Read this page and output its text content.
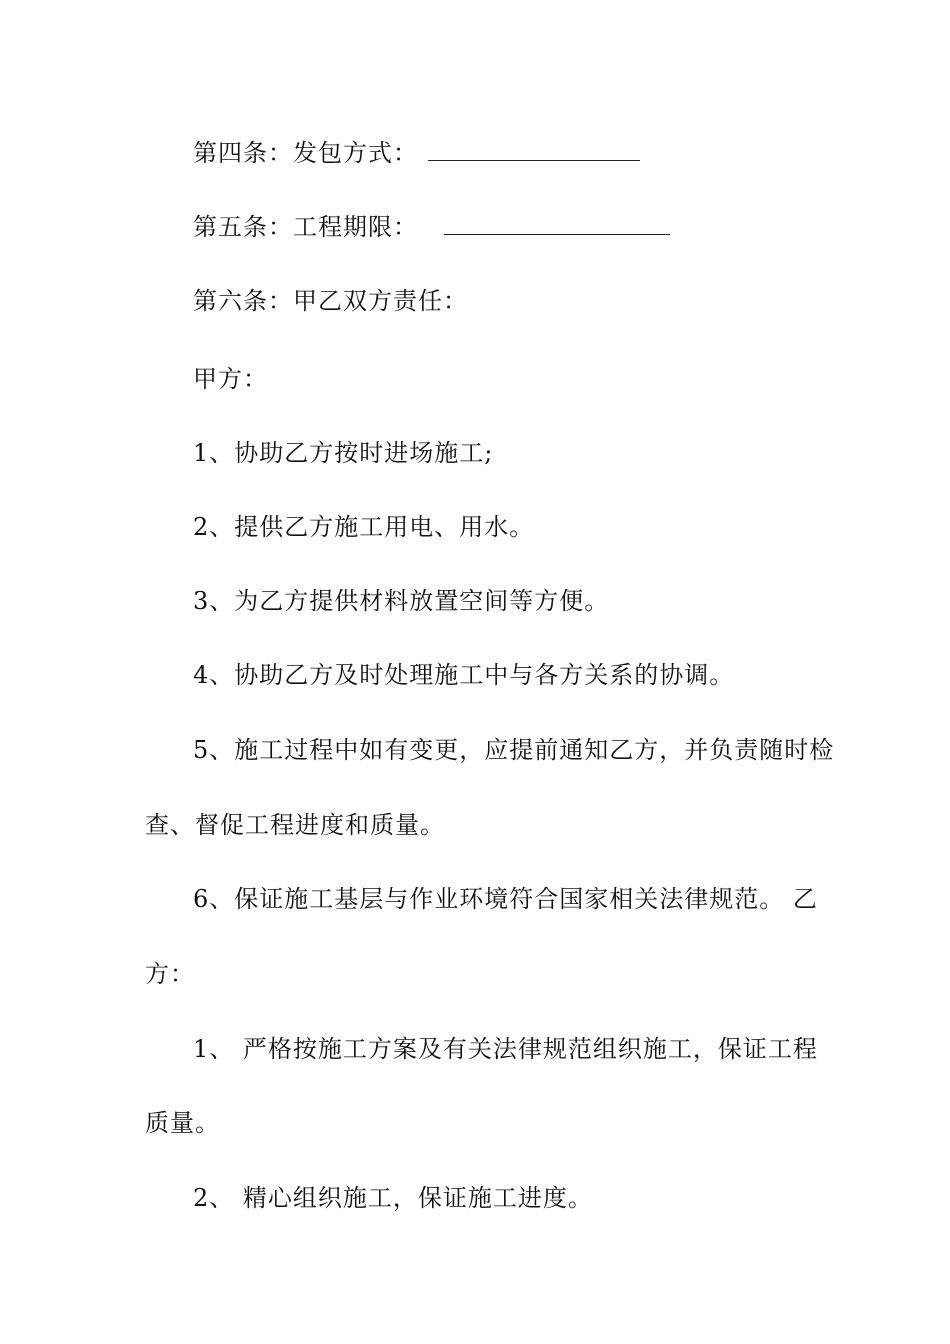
第四条：发包方式：
第五条：工程期限：
第六条：甲乙双方责任：
甲方：
1、协助乙方按时进场施工;
2、提供乙方施工用电、用水。
3、为乙方提供材料放置空间等方便。
4、协助乙方及时处理施工中与各方关系的协调。
5、施工过程中如有变更，应提前通知乙方，并负责随时检
查、督促工程进度和质量。
6、保证施工基层与作业环境符合国家相关法律规范。 乙
方：
1、 严格按施工方案及有关法律规范组织施工，保证工程
质量。
2、 精心组织施工，保证施工进度。
